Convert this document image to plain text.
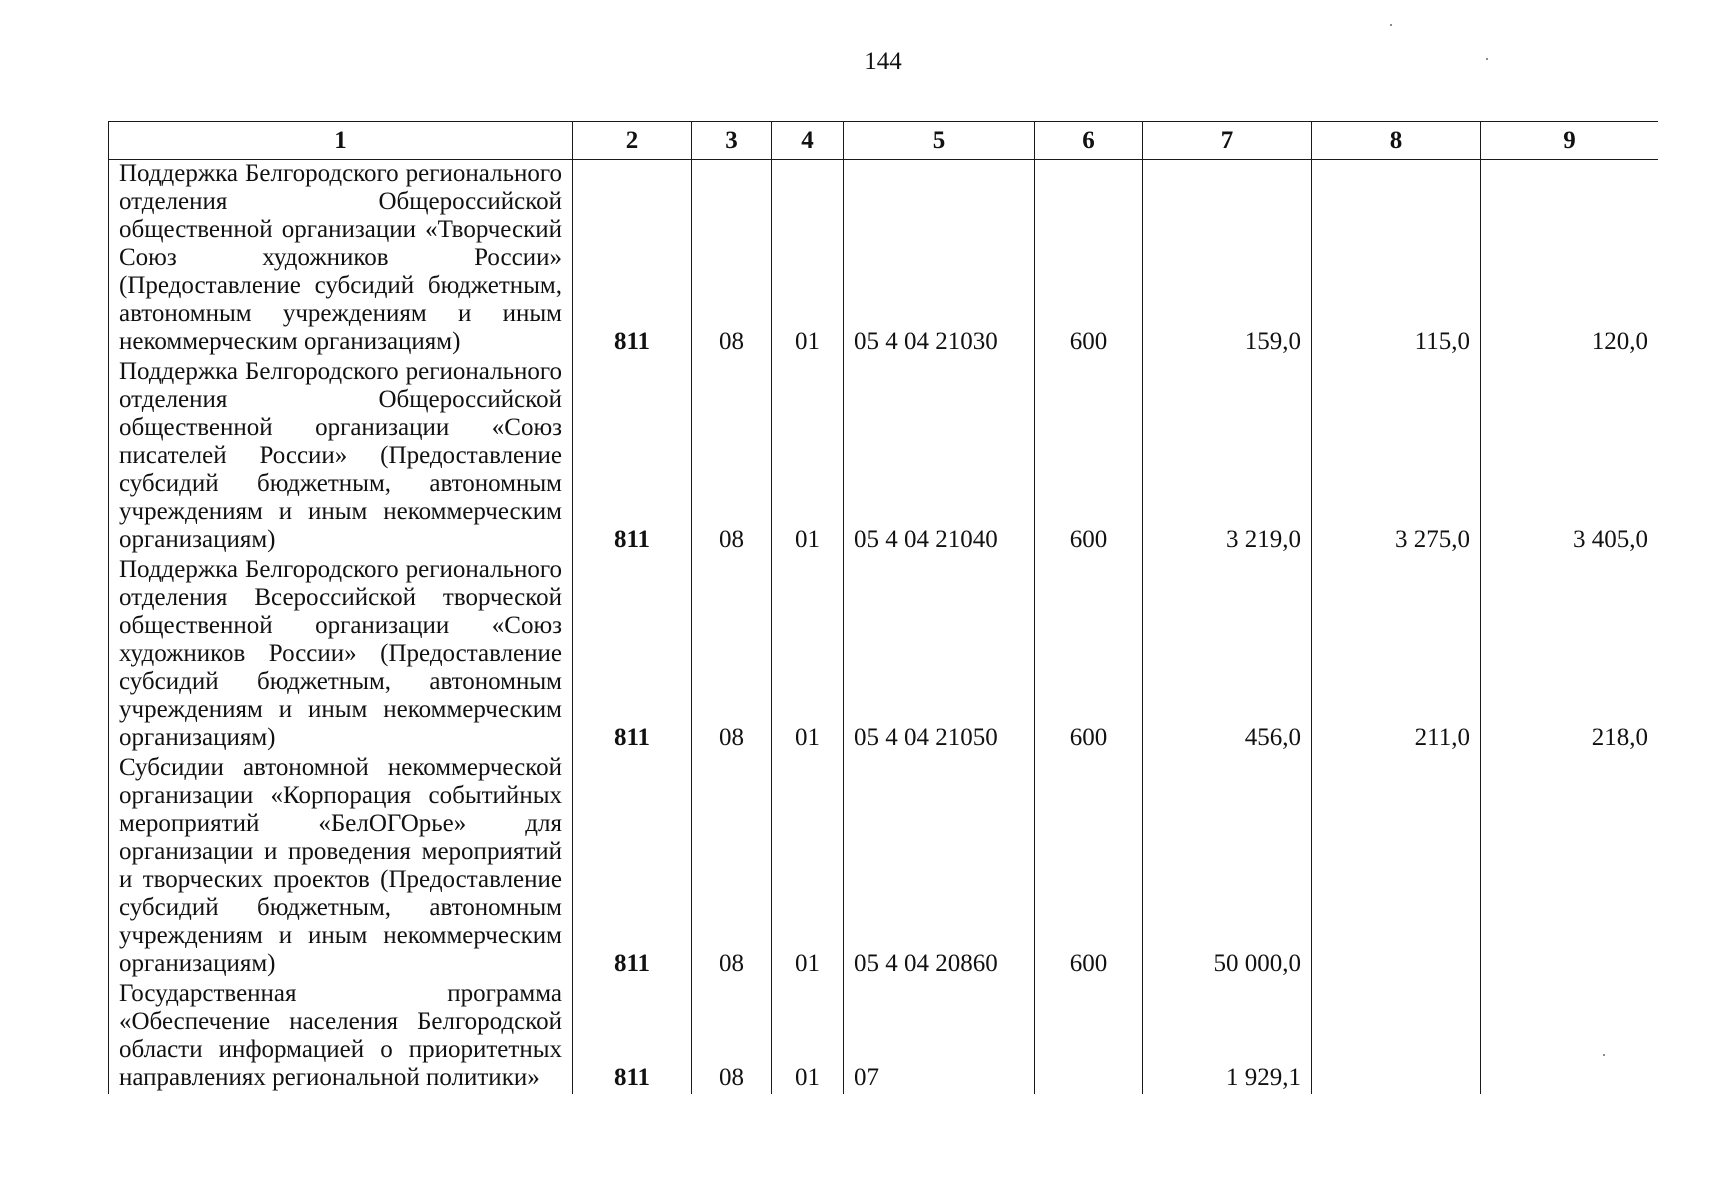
144
1	2	3	4	5	6	7	8	9
Поддержка Белгородского регионального отделения Общероссийской общественной организации «Творческий Союз художников России» (Предоставление субсидий бюджетным, автономным учреждениям и иным некоммерческим организациям)	811	08	01	05 4 04 21030	600	159,0	115,0	120,0
Поддержка Белгородского регионального отделения Общероссийской общественной организации «Союз писателей России» (Предоставление субсидий бюджетным, автономным учреждениям и иным некоммерческим организациям)	811	08	01	05 4 04 21040	600	3 219,0	3 275,0	3 405,0
Поддержка Белгородского регионального отделения Всероссийской творческой общественной организации «Союз художников России» (Предоставление субсидий бюджетным, автономным учреждениям и иным некоммерческим организациям)	811	08	01	05 4 04 21050	600	456,0	211,0	218,0
Субсидии автономной некоммерческой организации «Корпорация событийных мероприятий «БелОГОрье» для организации и проведения мероприятий и творческих проектов (Предоставление субсидий бюджетным, автономным учреждениям и иным некоммерческим организациям)	811	08	01	05 4 04 20860	600	50 000,0		
Государственная программа «Обеспечение населения Белгородской области информацией о приоритетных направлениях региональной политики»	811	08	01	07		1 929,1		
